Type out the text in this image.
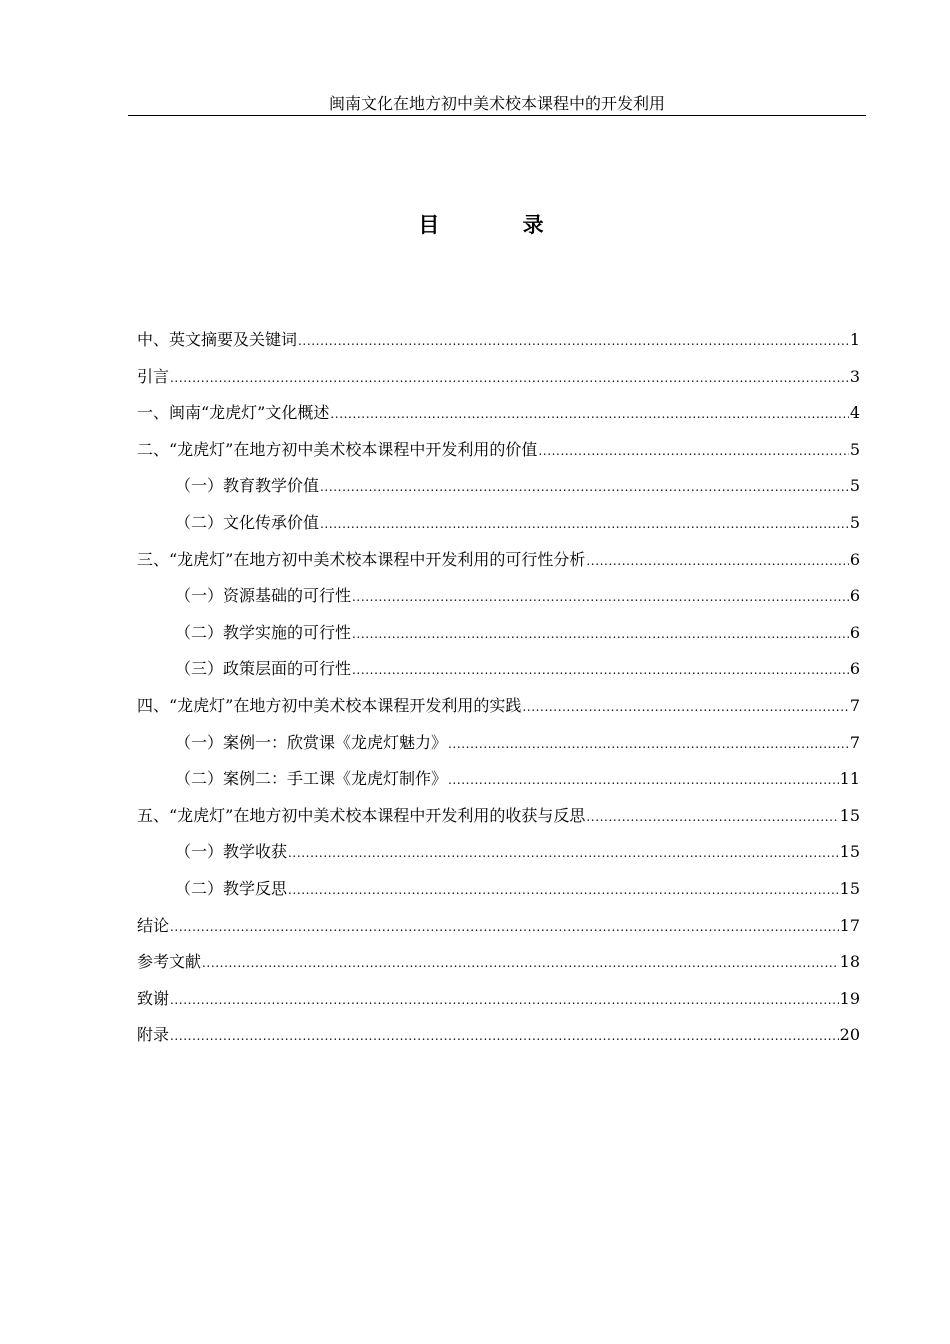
闽南文化在地方初中美术校本课程中的开发利用
目 录
中、英文摘要及关键词 .....	1
引言 .....	3
一、闽南“龙虎灯”文化概述 .....	4
二、“龙虎灯”在地方初中美术校本课程中开发利用的价值 .....	5
（一）教育教学价值 .....	5
（二）文化传承价值 .....	5
三、“龙虎灯”在地方初中美术校本课程中开发利用的可行性分析 .....	6
（一）资源基础的可行性 .....	6
（二）教学实施的可行性 .....	6
（三）政策层面的可行性 .....	6
四、“龙虎灯”在地方初中美术校本课程开发利用的实践 .....	7
（一）案例一：欣赏课《龙虎灯魅力》 .....	7
（二）案例二：手工课《龙虎灯制作》 .....	11
五、“龙虎灯”在地方初中美术校本课程中开发利用的收获与反思 .....	15
（一）教学收获 .....	15
（二）教学反思 .....	15
结论 .....	17
参考文献 .....	18
致谢 .....	19
附录 .....	20
